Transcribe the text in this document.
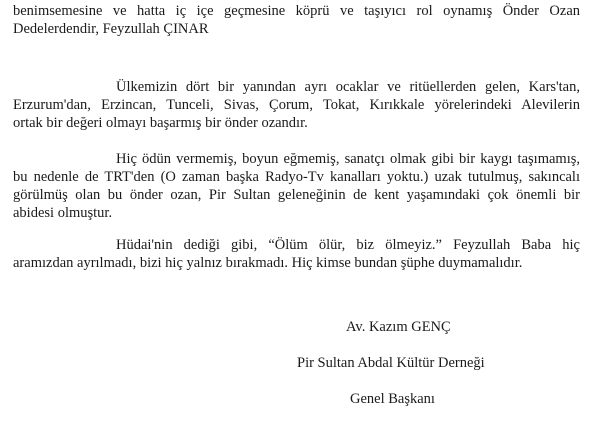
benimsemesine ve hatta iç içe geçmesine köprü ve taşıyıcı rol oynamış Önder Ozan
Dedelerdendir, Feyzullah ÇINAR
Ülkemizin dört bir yanından ayrı ocaklar ve ritüellerden gelen, Kars'tan,
Erzurum'dan, Erzincan, Tunceli, Sivas, Çorum, Tokat, Kırıkkale yörelerindeki Alevilerin
ortak bir değeri olmayı başarmış bir önder ozandır.
Hiç ödün vermemiş, boyun eğmemiş, sanatçı olmak gibi bir kaygı taşımamış,
bu nedenle de TRT'den (O zaman başka Radyo-Tv kanalları yoktu.) uzak tutulmuş, sakıncalı
görülmüş olan bu önder ozan, Pir Sultan geleneğinin de kent yaşamındaki çok önemli bir
abidesi olmuştur.
Hüdai'nin dediği gibi, “Ölüm ölür, biz ölmeyiz.” Feyzullah Baba hiç
aramızdan ayrılmadı, bizi hiç yalnız bırakmadı. Hiç kimse bundan şüphe duymamalıdır.
Av. Kazım GENÇ
Pir Sultan Abdal Kültür Derneği
Genel Başkanı
